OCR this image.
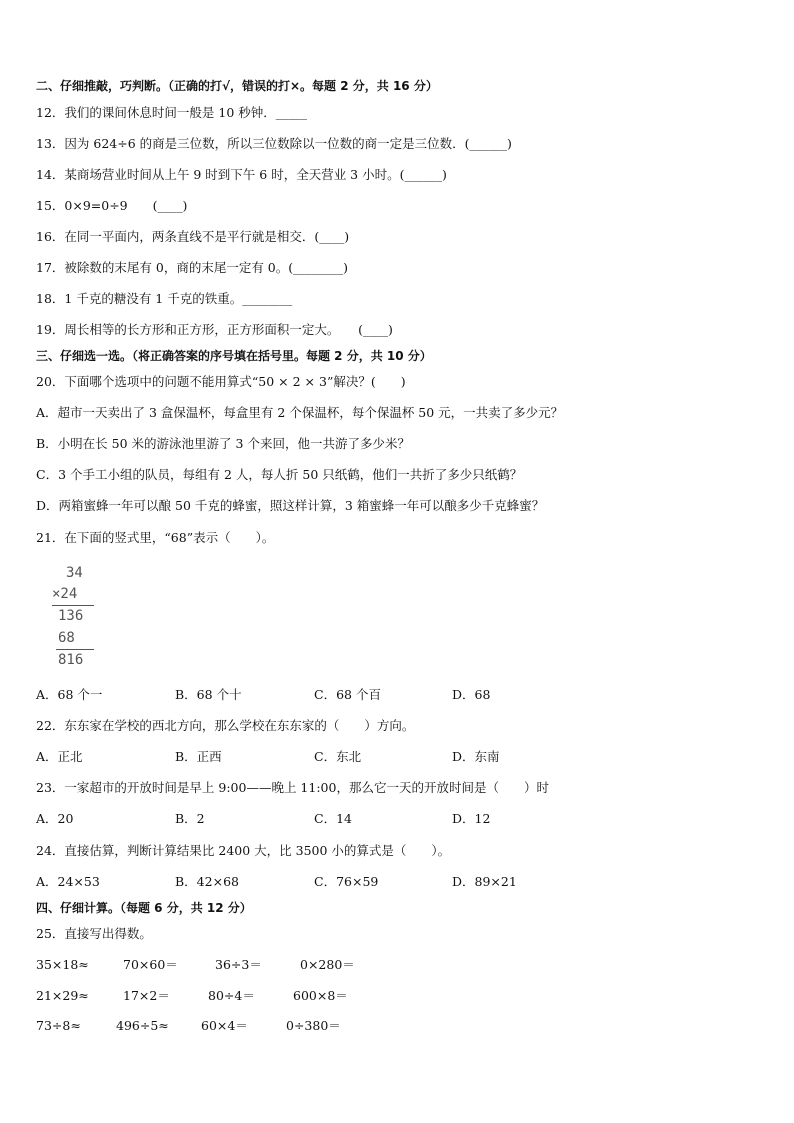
二、仔细推敲，巧判断。（正确的打√，错误的打×。每题 2 分，共 16 分）
12．我们的课间休息时间一般是 10 秒钟．_____
13．因为 624÷6 的商是三位数，所以三位数除以一位数的商一定是三位数．(______)
14．某商场营业时间从上午 9 时到下午 6 时，全天营业 3 小时。(______)
15．0×9=0÷9　　(____)
16．在同一平面内，两条直线不是平行就是相交．(____)
17．被除数的末尾有 0，商的末尾一定有 0。(________)
18．1 千克的糖没有 1 千克的铁重。________
19．周长相等的长方形和正方形，正方形面积一定大。　　(____)
三、仔细选一选。（将正确答案的序号填在括号里。每题 2 分，共 10 分）
20．下面哪个选项中的问题不能用算式“50 × 2 × 3”解决？(　　)
A．超市一天卖出了 3 盒保温杯，每盒里有 2 个保温杯，每个保温杯 50 元，一共卖了多少元？
B．小明在长 50 米的游泳池里游了 3 个来回，他一共游了多少米？
C．3 个手工小组的队员，每组有 2 人，每人折 50 只纸鹤，他们一共折了多少只纸鹤？
D．两箱蜜蜂一年可以酿 50 千克的蜂蜜，照这样计算，3 箱蜜蜂一年可以酿多少千克蜂蜜？
21．在下面的竖式里，“68”表示（　　）。
34
×24
136
68
816
A．68 个一	B．68 个十	C．68 个百	D．68
22．东东家在学校的西北方向，那么学校在东东家的（　　）方向。
A．正北	B．正西	C．东北	D．东南
23．一家超市的开放时间是早上 9:00——晚上 11:00，那么它一天的开放时间是（　　）时
A．20	B．2	C．14	D．12
24．直接估算，判断计算结果比 2400 大，比 3500 小的算式是（　　）。
A．24×53	B．42×68	C．76×59	D．89×21
四、仔细计算。（每题 6 分，共 12 分）
25．直接写出得数。
35×18≈	70×60＝	36÷3＝	0×280＝
21×29≈	17×2＝	80÷4＝	600×8＝
73÷8≈	496÷5≈	60×4＝	0÷380＝
